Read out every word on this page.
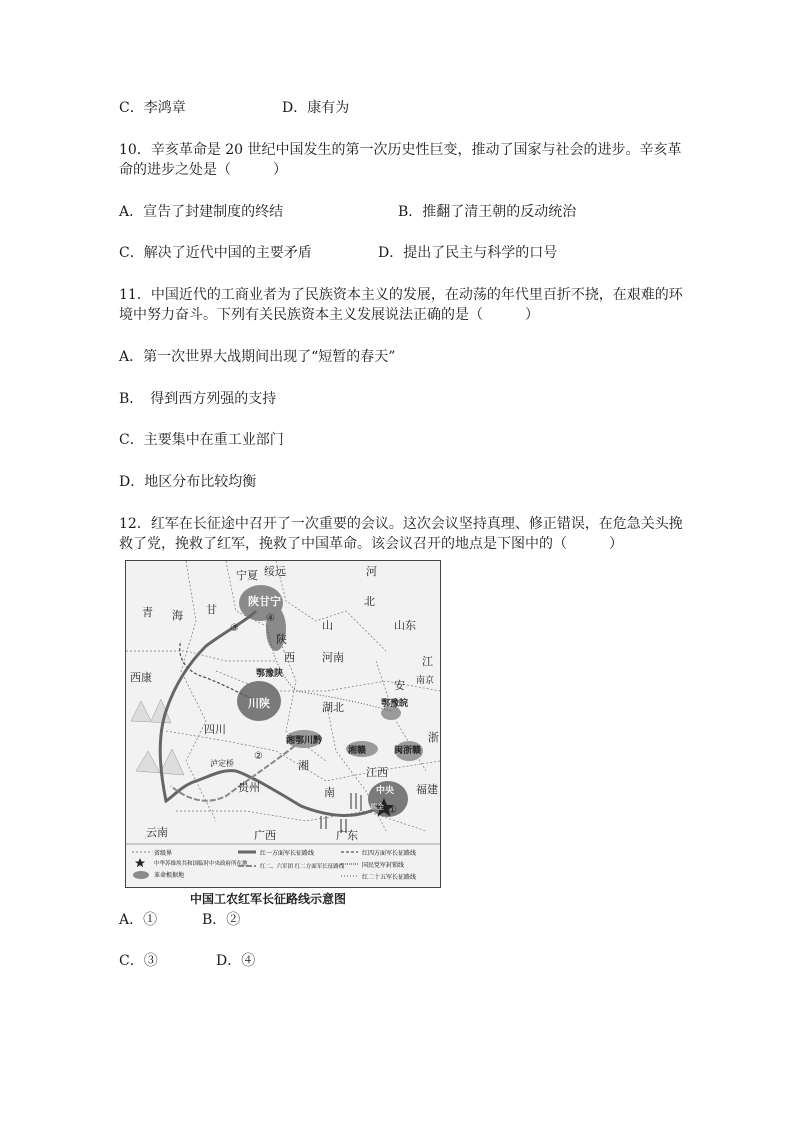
C．李鸿章	D．康有为
10．辛亥革命是 20 世纪中国发生的第一次历史性巨变，推动了国家与社会的进步。辛亥革
命的进步之处是（　　　）
A．宣告了封建制度的终结	B．推翻了清王朝的反动统治
C．解决了近代中国的主要矛盾	D．提出了民主与科学的口号
11．中国近代的工商业者为了民族资本主义的发展，在动荡的年代里百折不挠，在艰难的环
境中努力奋斗。下列有关民族资本主义发展说法正确的是（　　　）
A．第一次世界大战期间出现了“短暂的春天”
B．　得到西方列强的支持
C．主要集中在重工业部门
D．地区分布比较均衡
12．红军在长征途中召开了一次重要的会议。这次会议坚持真理、修正错误，在危急关头挽
救了党，挽救了红军，挽救了中国革命。该会议召开的地点是下图中的（　　　）
①
②
③
④
宁夏 绥远	河
青 海 甘
陕甘宁	北
山东
山
西 河南
陕
鄂豫陕
川陕
四川
西康
泸定桥
湖北	鄂豫皖
南京
湘鄂川黔
湘赣	闽浙赣
江西
中央
瑞金
福建
贵州
云南	广西	广东
南
湘
安
江
浙
省级界
中华苏维埃共和国临时中央政府所在地
革命根据地
红一方面军长征路线
红二、六军团 红二方面军长征路线
红四方面军长征路线
国民党军封锁线
红二十五军长征路线
中国工农红军长征路线示意图
A．①	B．②
C．③	D．④
